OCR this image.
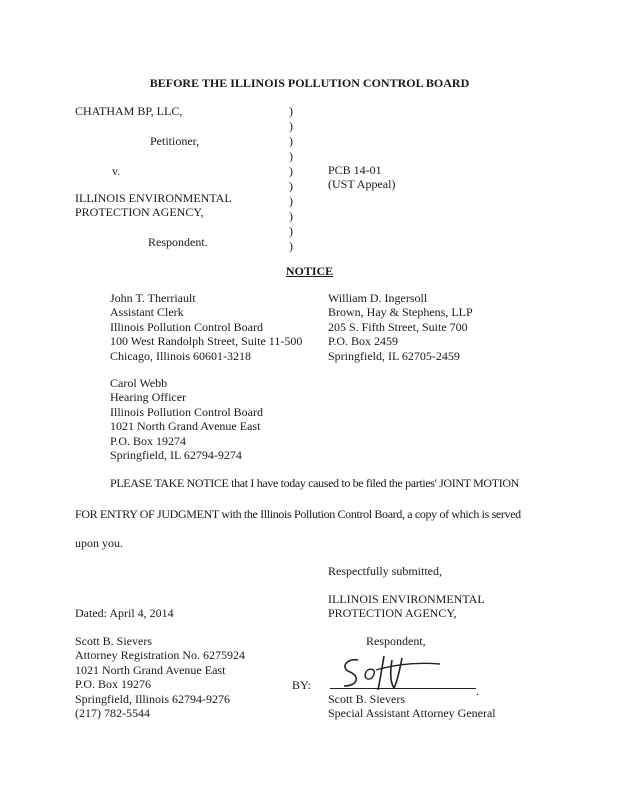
BEFORE THE ILLINOIS POLLUTION CONTROL BOARD
CHATHAM BP, LLC,
Petitioner,
v.
ILLINOIS ENVIRONMENTAL
PROTECTION AGENCY,
Respondent.
)
)
)
)
)
)
)
)
)
)
PCB 14-01
(UST Appeal)
NOTICE
John T. Therriault
Assistant Clerk
Illinois Pollution Control Board
100 West Randolph Street, Suite 11-500
Chicago, Illinois 60601-3218
William D. Ingersoll
Brown, Hay & Stephens, LLP
205 S. Fifth Street, Suite 700
P.O. Box 2459
Springfield, IL 62705-2459
Carol Webb
Hearing Officer
Illinois Pollution Control Board
1021 North Grand Avenue East
P.O. Box 19274
Springfield, IL 62794-9274
PLEASE TAKE NOTICE that I have today caused to be filed the parties' JOINT MOTION
FOR ENTRY OF JUDGMENT with the Illinois Pollution Control Board, a copy of which is served
upon you.
Respectfully submitted,
ILLINOIS ENVIRONMENTAL
PROTECTION AGENCY,
Dated: April 4, 2014
Respondent,
Scott B. Sievers
Attorney Registration No. 6275924
1021 North Grand Avenue East
P.O. Box 19276
Springfield, Illinois 62794-9276
(217) 782-5544
BY:	.
Scott B. Sievers
Special Assistant Attorney General
